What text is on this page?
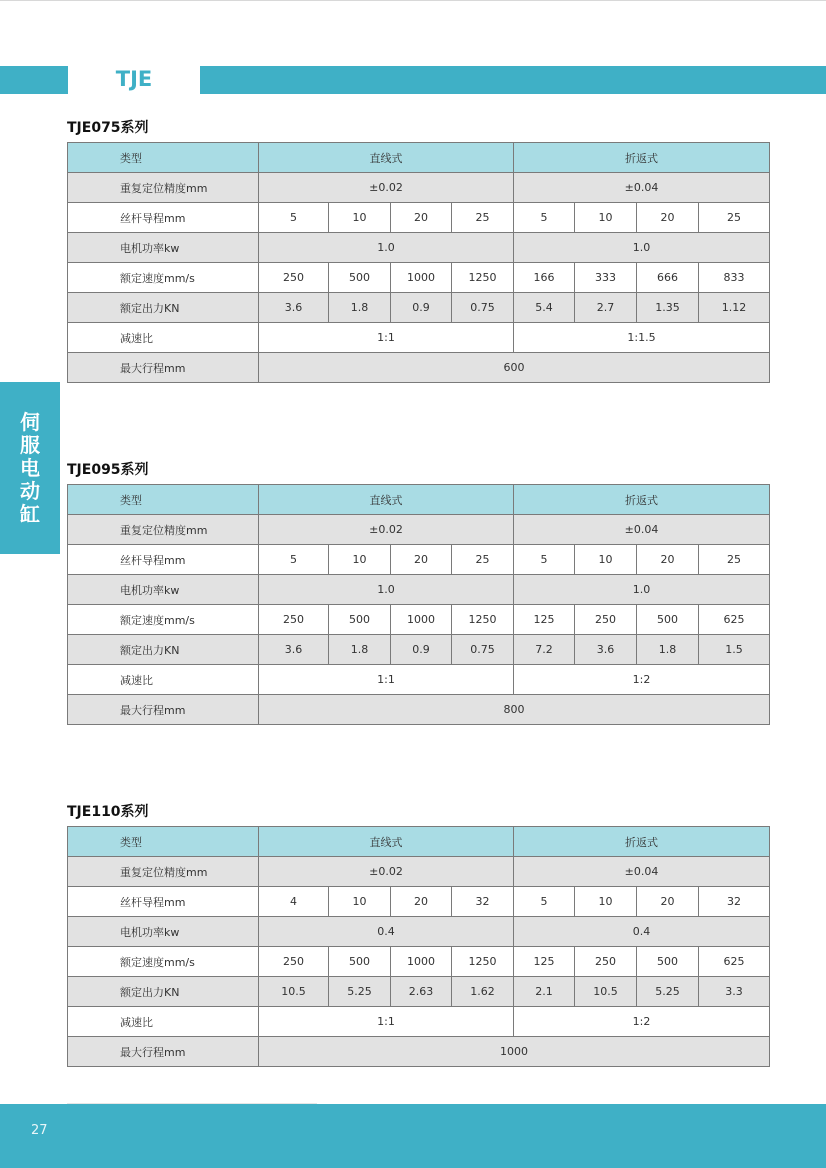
TJE
伺
服
电
动
缸
TJE075系列
类型	直线式				折返式			
重复定位精度mm	±0.02				±0.04			
丝杆导程mm	5	10	20	25	5	10	20	25
电机功率kw	1.0				1.0			
额定速度mm/s	250	500	1000	1250	166	333	666	833
额定出力KN	3.6	1.8	0.9	0.75	5.4	2.7	1.35	1.12
减速比	1:1				1:1.5			
最大行程mm	600							
TJE095系列
类型	直线式				折返式			
重复定位精度mm	±0.02				±0.04			
丝杆导程mm	5	10	20	25	5	10	20	25
电机功率kw	1.0				1.0			
额定速度mm/s	250	500	1000	1250	125	250	500	625
额定出力KN	3.6	1.8	0.9	0.75	7.2	3.6	1.8	1.5
减速比	1:1				1:2			
最大行程mm	800							
TJE110系列
类型	直线式				折返式			
重复定位精度mm	±0.02				±0.04			
丝杆导程mm	4	10	20	32	5	10	20	32
电机功率kw	0.4				0.4			
额定速度mm/s	250	500	1000	1250	125	250	500	625
额定出力KN	10.5	5.25	2.63	1.62	2.1	10.5	5.25	3.3
减速比	1:1				1:2			
最大行程mm	1000							
27
